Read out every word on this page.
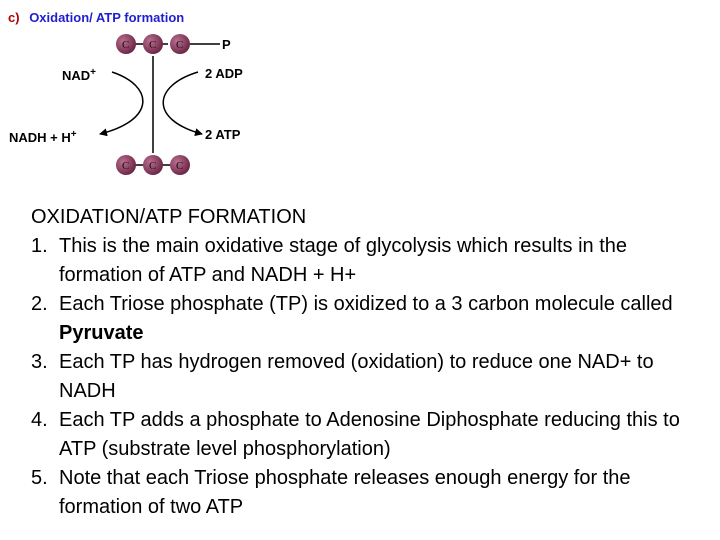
c) Oxidation/ ATP formation
C C C	P
NAD+
NADH + H+
2 ADP
2 ATP
C C C

OXIDATION/ATP FORMATION

1. This is the main oxidative stage of glycolysis which results in the formation of ATP and NADH + H+
2. Each Triose phosphate (TP) is oxidized to a 3 carbon molecule called Pyruvate
3. Each TP has hydrogen removed (oxidation) to reduce one NAD+ to NADH
4. Each TP adds a phosphate to Adenosine Diphosphate reducing this to ATP (substrate level phosphorylation)
5. Note that each Triose phosphate releases enough energy for the formation of two ATP
